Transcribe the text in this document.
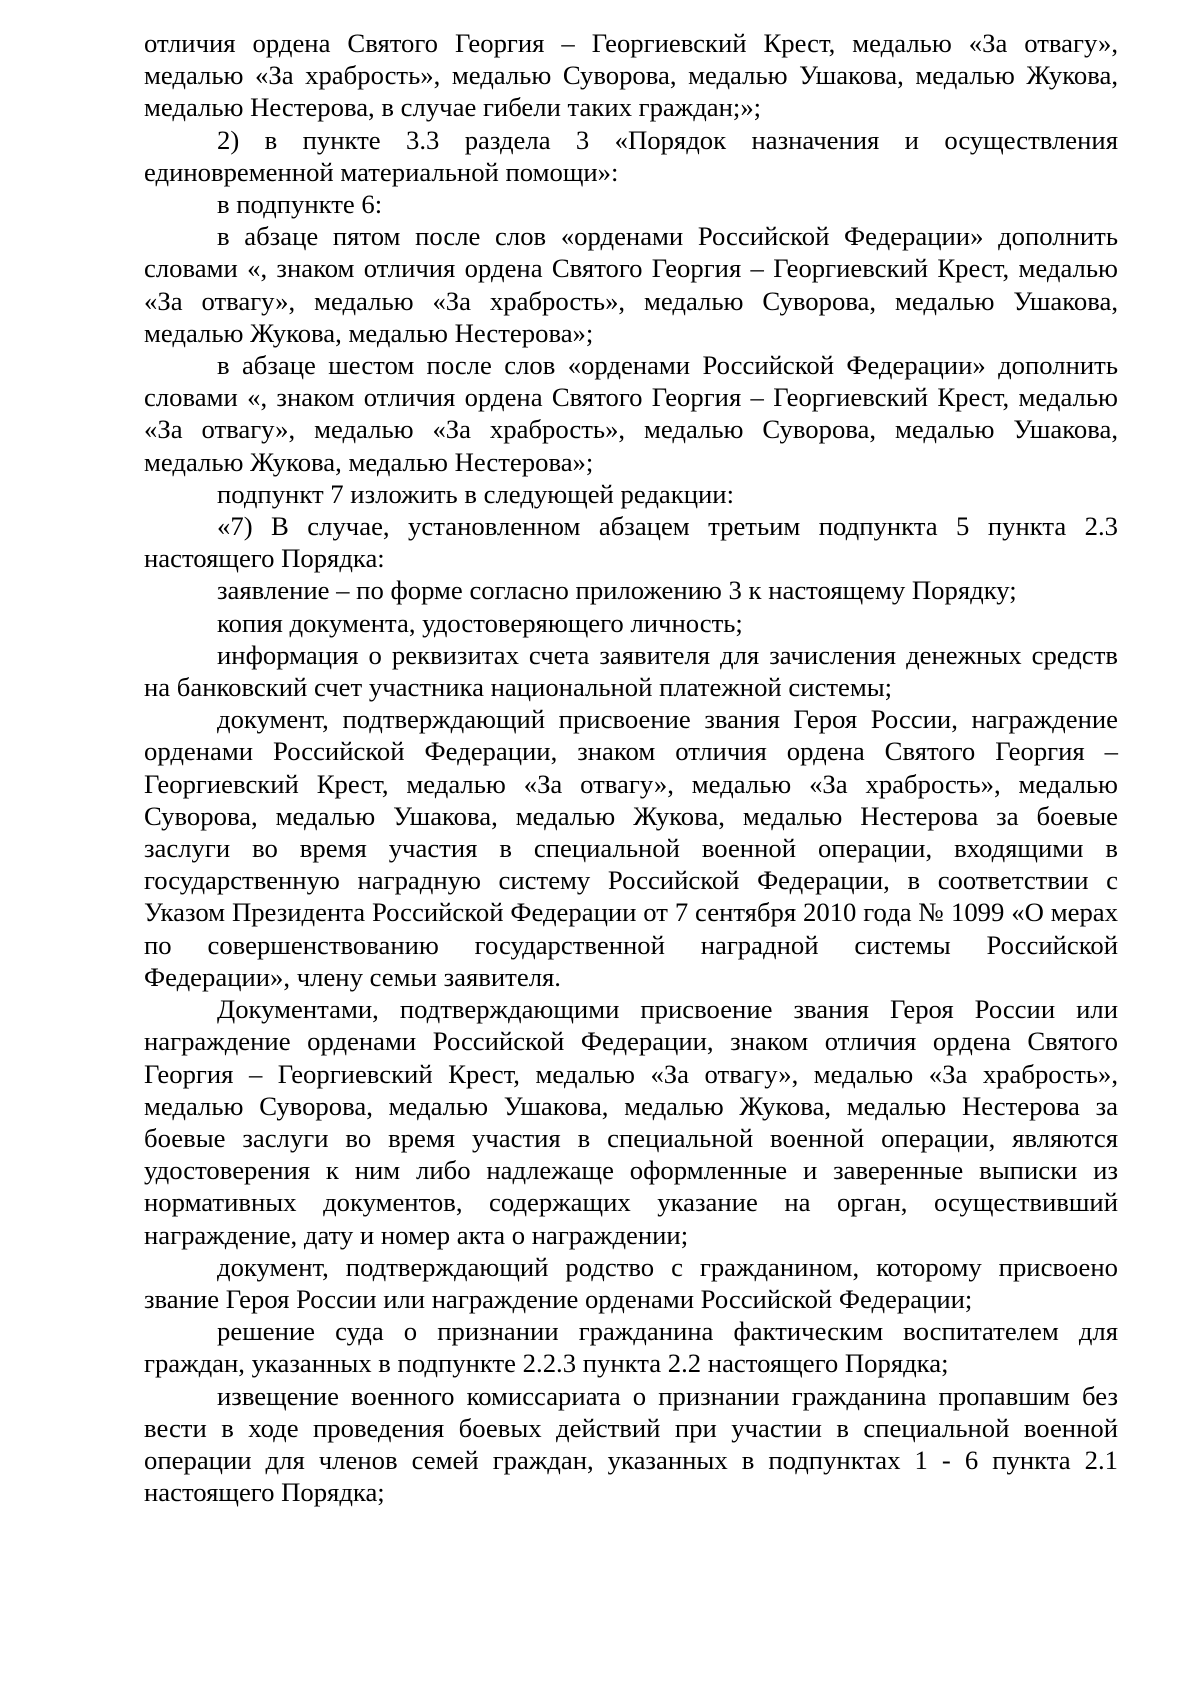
отличия ордена Святого Георгия – Георгиевский Крест, медалью «За отвагу», медалью «За храбрость», медалью Суворова, медалью Ушакова, медалью Жукова, медалью Нестерова, в случае гибели таких граждан;»;

2) в пункте 3.3 раздела 3 «Порядок назначения и осуществления единовременной материальной помощи»:

в подпункте 6:

в абзаце пятом после слов «орденами Российской Федерации» дополнить словами «, знаком отличия ордена Святого Георгия – Георгиевский Крест, медалью «За отвагу», медалью «За храбрость», медалью Суворова, медалью Ушакова, медалью Жукова, медалью Нестерова»;

в абзаце шестом после слов «орденами Российской Федерации» дополнить словами «, знаком отличия ордена Святого Георгия – Георгиевский Крест, медалью «За отвагу», медалью «За храбрость», медалью Суворова, медалью Ушакова, медалью Жукова, медалью Нестерова»;

подпункт 7 изложить в следующей редакции:

«7) В случае, установленном абзацем третьим подпункта 5 пункта 2.3 настоящего Порядка:

заявление – по форме согласно приложению 3 к настоящему Порядку;

копия документа, удостоверяющего личность;

информация о реквизитах счета заявителя для зачисления денежных средств на банковский счет участника национальной платежной системы;

документ, подтверждающий присвоение звания Героя России, награждение орденами Российской Федерации, знаком отличия ордена Святого Георгия – Георгиевский Крест, медалью «За отвагу», медалью «За храбрость», медалью Суворова, медалью Ушакова, медалью Жукова, медалью Нестерова за боевые заслуги во время участия в специальной военной операции, входящими в государственную наградную систему Российской Федерации, в соответствии с Указом Президента Российской Федерации от 7 сентября 2010 года № 1099 «О мерах по совершенствованию государственной наградной системы Российской Федерации», члену семьи заявителя.

Документами, подтверждающими присвоение звания Героя России или награждение орденами Российской Федерации, знаком отличия ордена Святого Георгия – Георгиевский Крест, медалью «За отвагу», медалью «За храбрость», медалью Суворова, медалью Ушакова, медалью Жукова, медалью Нестерова за боевые заслуги во время участия в специальной военной операции, являются удостоверения к ним либо надлежаще оформленные и заверенные выписки из нормативных документов, содержащих указание на орган, осуществивший награждение, дату и номер акта о награждении;

документ, подтверждающий родство с гражданином, которому присвоено звание Героя России или награждение орденами Российской Федерации;

решение суда о признании гражданина фактическим воспитателем для граждан, указанных в подпункте 2.2.3 пункта 2.2 настоящего Порядка;

извещение военного комиссариата о признании гражданина пропавшим без вести в ходе проведения боевых действий при участии в специальной военной операции для членов семей граждан, указанных в подпунктах 1 - 6 пункта 2.1 настоящего Порядка;
